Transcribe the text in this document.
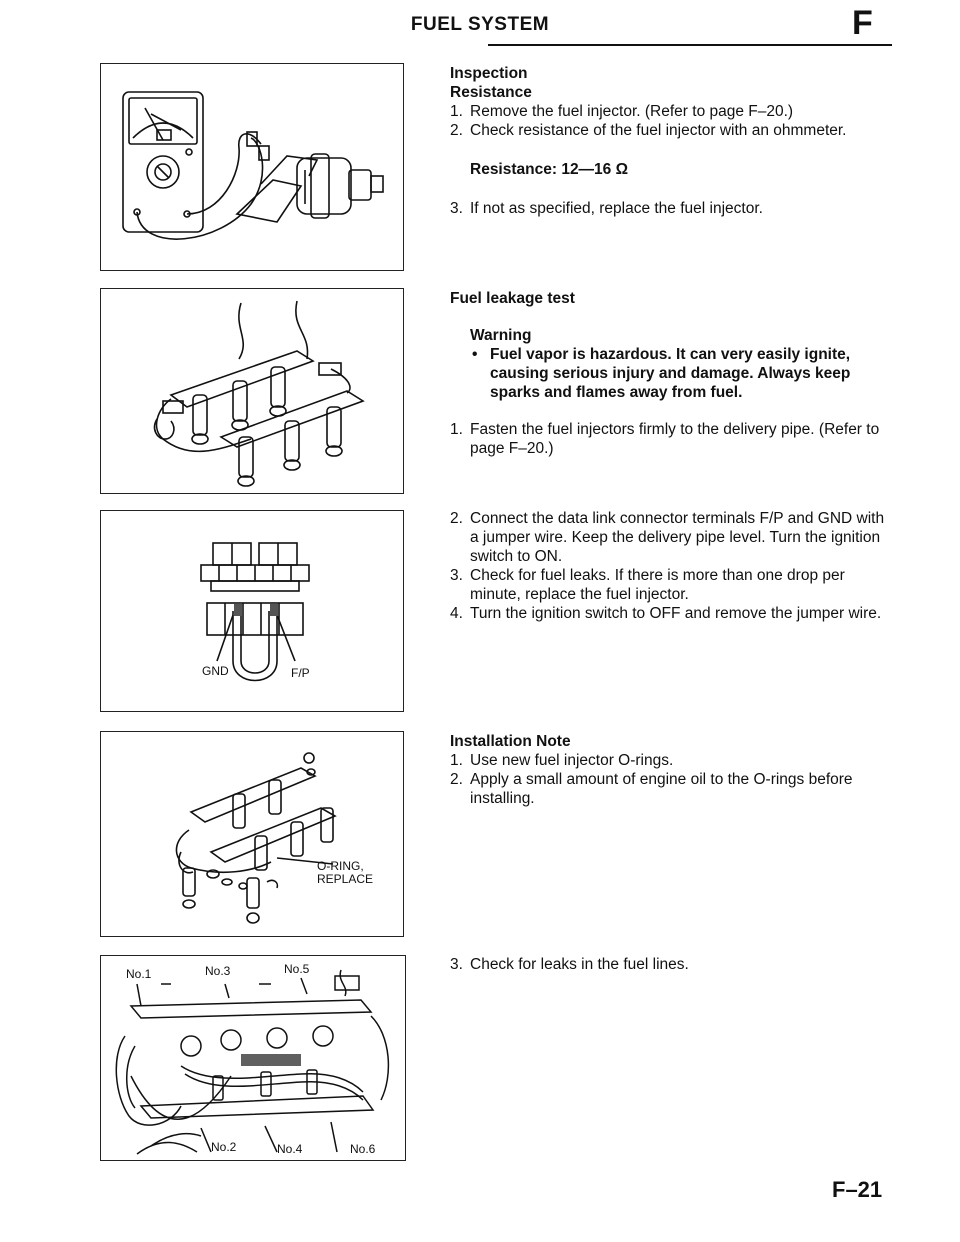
FUEL SYSTEM	F
GND	F/P
O-RING,
REPLACE
No.1	No.3	No.5
No.2	No.4	No.6
Inspection
Resistance
1. Remove the fuel injector. (Refer to page F–20.)
2. Check resistance of the fuel injector with an ohmmeter.
Resistance: 12—16 Ω
3. If not as specified, replace the fuel injector.
Fuel leakage test
Warning
• Fuel vapor is hazardous. It can very easily ignite, causing serious injury and damage. Always keep sparks and flames away from fuel.
1. Fasten the fuel injectors firmly to the delivery pipe. (Refer to page F–20.)
2. Connect the data link connector terminals F/P and GND with a jumper wire. Keep the delivery pipe level. Turn the ignition switch to ON.
3. Check for fuel leaks. If there is more than one drop per minute, replace the fuel injector.
4. Turn the ignition switch to OFF and remove the jumper wire.
Installation Note
1. Use new fuel injector O-rings.
2. Apply a small amount of engine oil to the O-rings before installing.
3. Check for leaks in the fuel lines.
F–21
